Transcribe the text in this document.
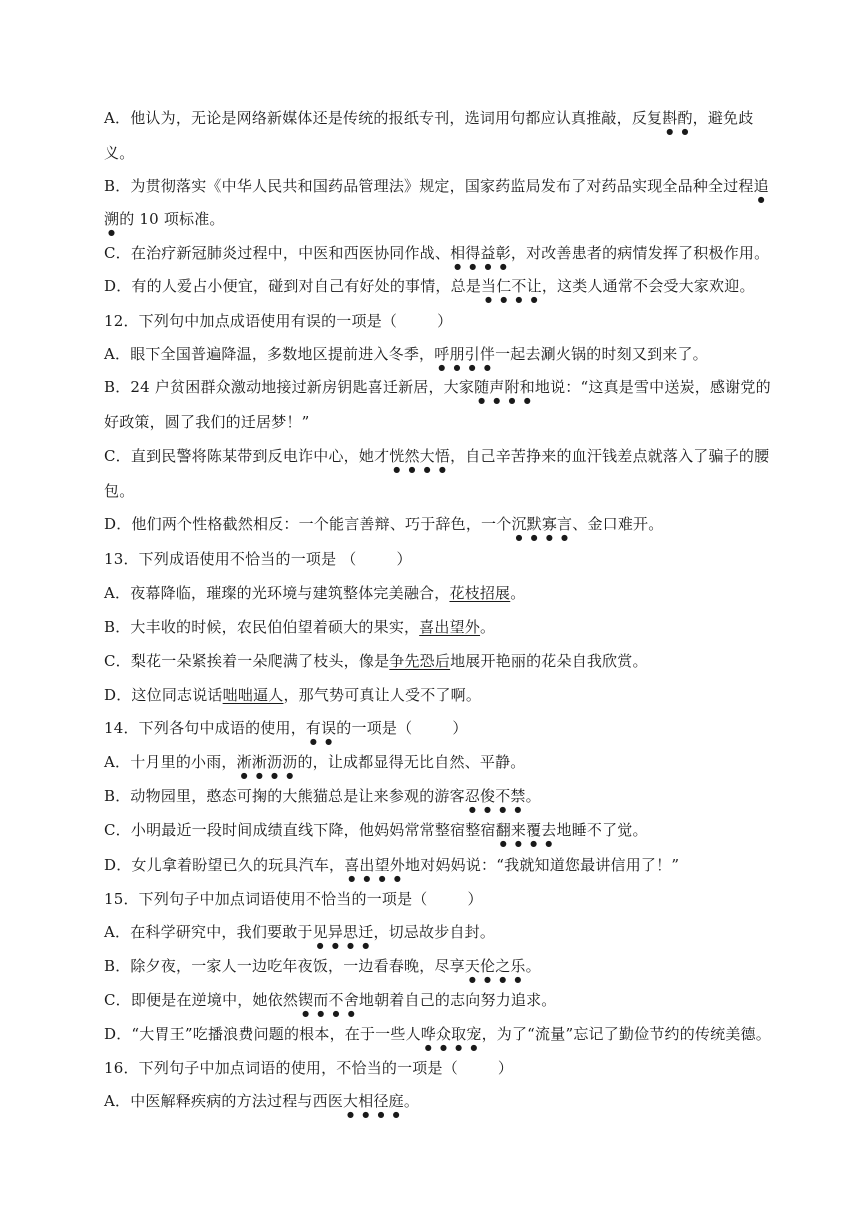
A．他认为，无论是网络新媒体还是传统的报纸专刊，选词用句都应认真推敲，反复斟酌，避免歧
义。
B．为贯彻落实《中华人民共和国药品管理法》规定，国家药监局发布了对药品实现全品种全过程追
溯的 10 项标准。
C．在治疗新冠肺炎过程中，中医和西医协同作战、相得益彰，对改善患者的病情发挥了积极作用。
D．有的人爱占小便宜，碰到对自己有好处的事情，总是当仁不让，这类人通常不会受大家欢迎。
12．下列句中加点成语使用有误的一项是（	）
A．眼下全国普遍降温，多数地区提前进入冬季，呼朋引伴一起去涮火锅的时刻又到来了。
B．24 户贫困群众激动地接过新房钥匙喜迁新居，大家随声附和地说：“这真是雪中送炭，感谢党的
好政策，圆了我们的迁居梦！”
C．直到民警将陈某带到反电诈中心，她才恍然大悟，自己辛苦挣来的血汗钱差点就落入了骗子的腰
包。
D．他们两个性格截然相反：一个能言善辩、巧于辞色，一个沉默寡言、金口难开。
13．下列成语使用不恰当的一项是 （	）
A．夜幕降临，璀璨的光环境与建筑整体完美融合，花枝招展。
B．大丰收的时候，农民伯伯望着硕大的果实，喜出望外。
C．梨花一朵紧挨着一朵爬满了枝头，像是争先恐后地展开艳丽的花朵自我欣赏。
D．这位同志说话咄咄逼人，那气势可真让人受不了啊。
14．下列各句中成语的使用，有误的一项是（	）
A．十月里的小雨，淅淅沥沥的，让成都显得无比自然、平静。
B．动物园里，憨态可掬的大熊猫总是让来参观的游客忍俊不禁。
C．小明最近一段时间成绩直线下降，他妈妈常常整宿整宿翻来覆去地睡不了觉。
D．女儿拿着盼望已久的玩具汽车，喜出望外地对妈妈说：“我就知道您最讲信用了！”
15．下列句子中加点词语使用不恰当的一项是（	）
A．在科学研究中，我们要敢于见异思迁，切忌故步自封。
B．除夕夜，一家人一边吃年夜饭，一边看春晚，尽享天伦之乐。
C．即便是在逆境中，她依然锲而不舍地朝着自己的志向努力追求。
D．“大胃王”吃播浪费问题的根本，在于一些人哗众取宠，为了“流量”忘记了勤俭节约的传统美德。
16．下列句子中加点词语的使用，不恰当的一项是（	）
A．中医解释疾病的方法过程与西医大相径庭。
